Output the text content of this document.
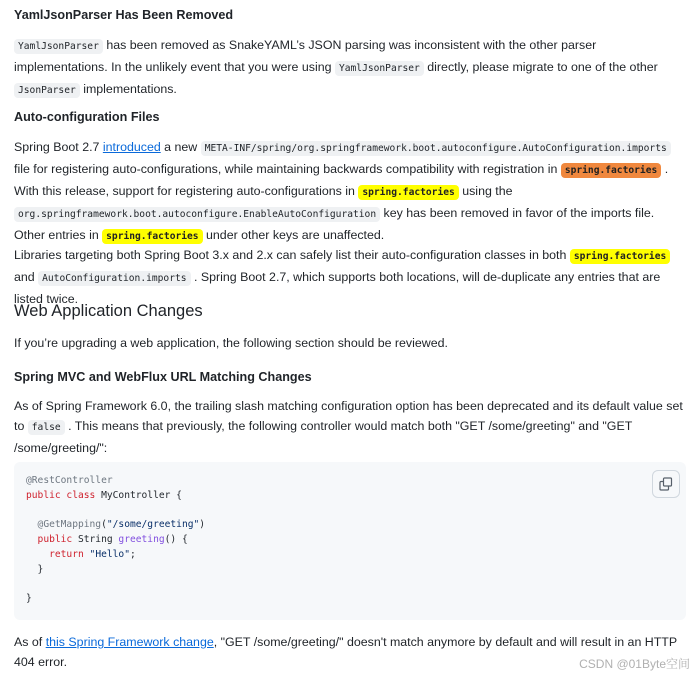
YamlJsonParser Has Been Removed

YamlJsonParser has been removed as SnakeYAML’s JSON parsing was inconsistent with the other parser implementations. In the unlikely event that you were using YamlJsonParser directly, please migrate to one of the other JsonParser implementations.

Auto-configuration Files

Spring Boot 2.7 introduced a new META-INF/spring/org.springframework.boot.autoconfigure.AutoConfiguration.imports file for registering auto-configurations, while maintaining backwards compatibility with registration in spring.factories . With this release, support for registering auto-configurations in spring.factories using the org.springframework.boot.autoconfigure.EnableAutoConfiguration key has been removed in favor of the imports file. Other entries in spring.factories under other keys are unaffected.

Libraries targeting both Spring Boot 3.x and 2.x can safely list their auto-configuration classes in both spring.factories and AutoConfiguration.imports . Spring Boot 2.7, which supports both locations, will de-duplicate any entries that are listed twice.

Web Application Changes

If you’re upgrading a web application, the following section should be reviewed.

Spring MVC and WebFlux URL Matching Changes

As of Spring Framework 6.0, the trailing slash matching configuration option has been deprecated and its default value set to false . This means that previously, the following controller would match both "GET /some/greeting" and "GET /some/greeting/":

@RestController
public class MyController {

@GetMapping("/some/greeting")
public String greeting() {
return "Hello";
}

}

As of this Spring Framework change, "GET /some/greeting/" doesn't match anymore by default and will result in an HTTP 404 error.	CSDN @01Byte空间
